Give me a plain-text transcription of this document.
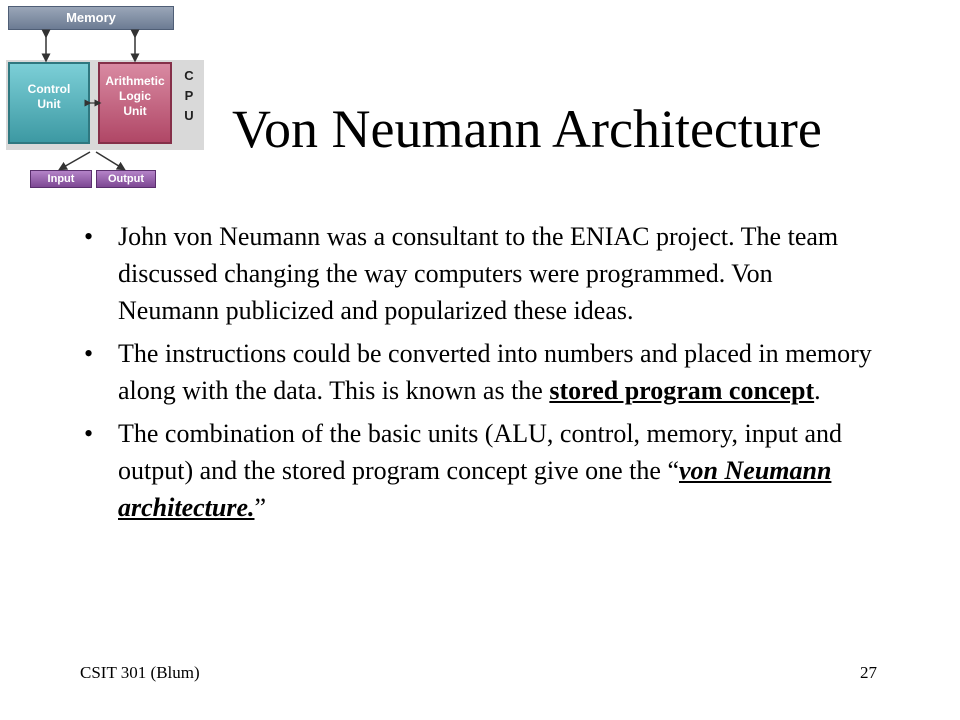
Memory
Control
Unit
Arithmetic
Logic
Unit
C
P
U
Input	Output
Von Neumann Architecture
• John von Neumann was a consultant to the ENIAC project. The team discussed changing the way computers were programmed. Von Neumann publicized and popularized these ideas.
• The instructions could be converted into numbers and placed in memory along with the data. This is known as the stored program concept.
• The combination of the basic units (ALU, control, memory, input and output) and the stored program concept give one the “von Neumann architecture.”
CSIT 301 (Blum)	27
